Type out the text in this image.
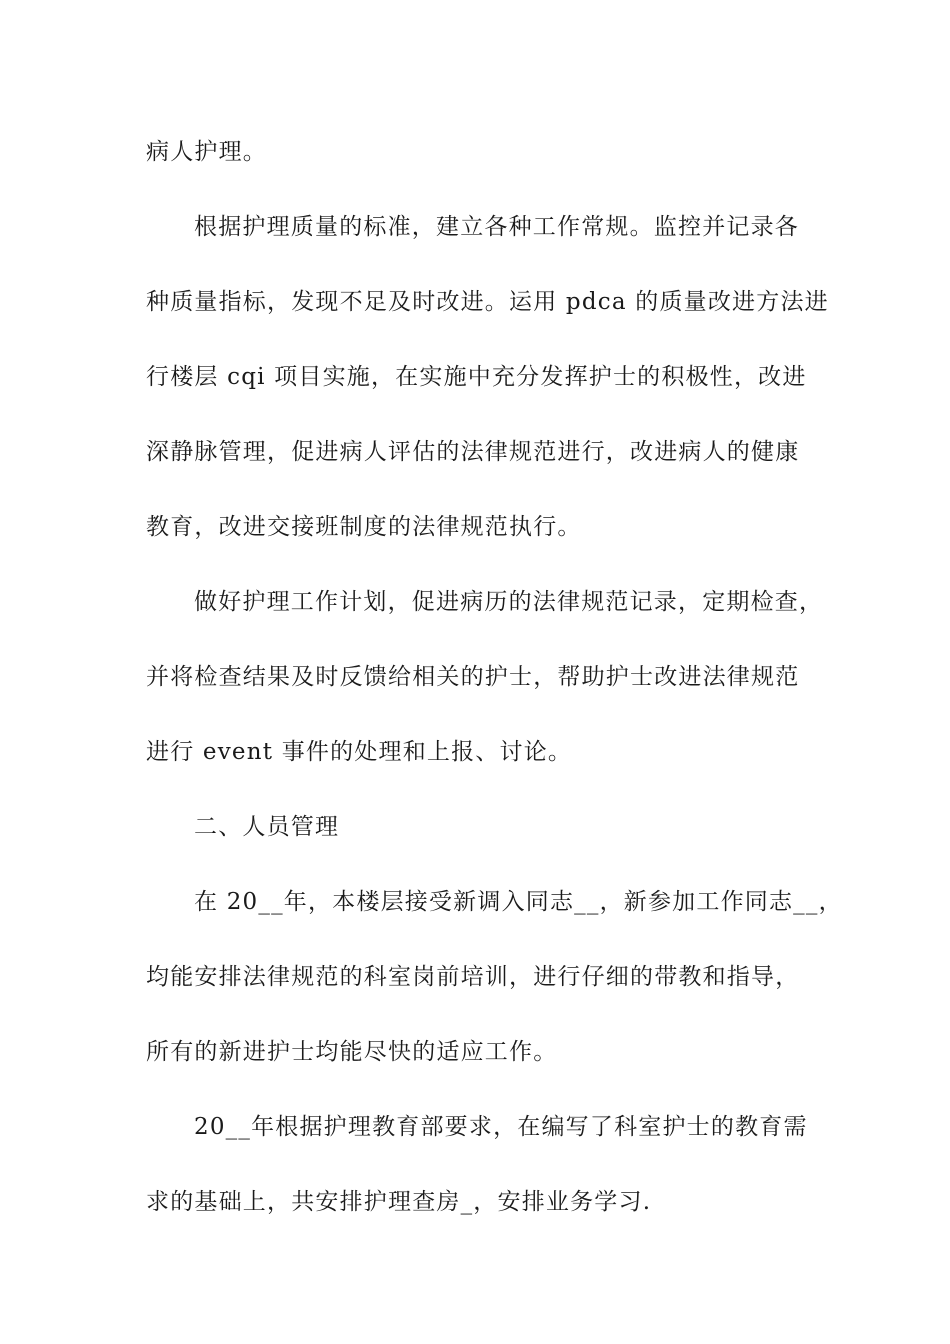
病人护理。

根据护理质量的标准，建立各种工作常规。监控并记录各

种质量指标，发现不足及时改进。运用 pdca 的质量改进方法进

行楼层 cqi 项目实施，在实施中充分发挥护士的积极性，改进

深静脉管理，促进病人评估的法律规范进行，改进病人的健康

教育，改进交接班制度的法律规范执行。

做好护理工作计划，促进病历的法律规范记录，定期检查，

并将检查结果及时反馈给相关的护士，帮助护士改进法律规范

进行 event 事件的处理和上报、讨论。

二、人员管理

在 20__年，本楼层接受新调入同志__，新参加工作同志__，

均能安排法律规范的科室岗前培训，进行仔细的带教和指导，

所有的新进护士均能尽快的适应工作。

20__年根据护理教育部要求，在编写了科室护士的教育需

求的基础上，共安排护理查房_，安排业务学习.
